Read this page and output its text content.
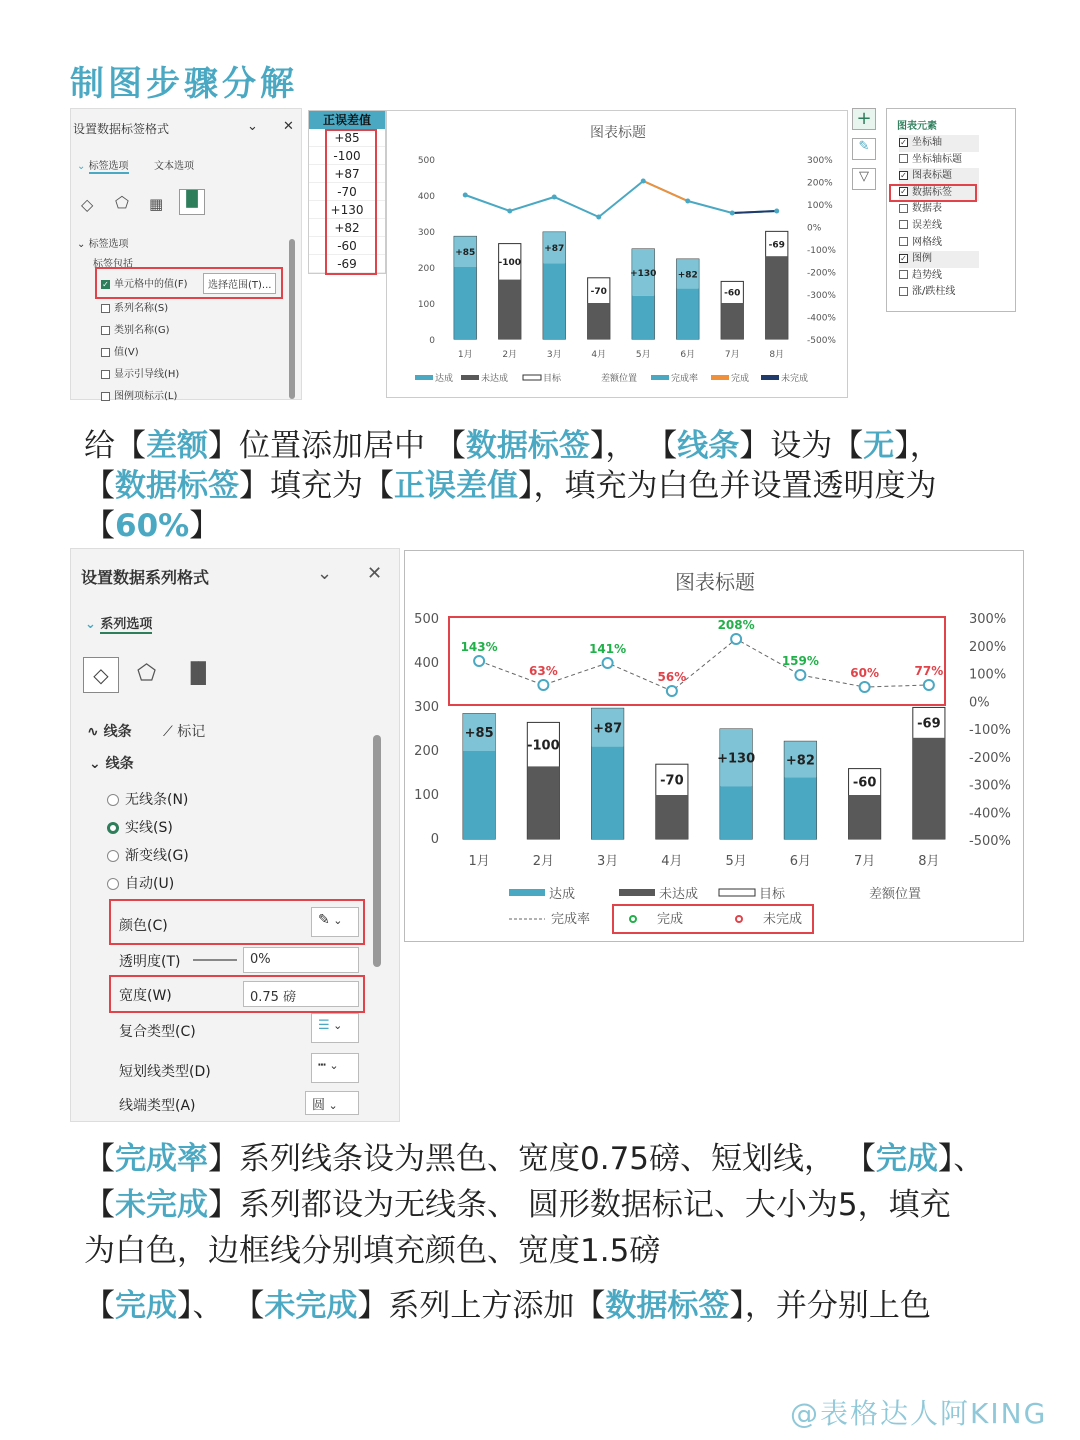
制图步骤分解
设置数据标签格式	⌄ ✕
⌄ 标签选项	文本选项
◇ ⬠ ▦ ▐▌
⌄ 标签选项
标签包括
✓ 单元格中的值(F)	选择范围(T)...
系列名称(S)
类别名称(G)
值(V)
显示引导线(H)
图例项标示(L)
正误差值
+85
-100
+87
-70
+130
+82
-60
-69
图表标题
500
400
300
200
100
0
300%
200%
100%
0%
-100%
-200%
-300%
-400%
-500%
+85
1月
-100
2月
+87
3月
-70
4月
+130
5月
+82
6月
-60
7月
-69
8月
达成	未达成	目标	差额位置	完成率	完成	未完成
+
✎
▽
图表元素
✓ 坐标轴
坐标轴标题
✓ 图表标题
✓ 数据标签
数据表
误差线
网格线
✓ 图例
趋势线
涨/跌柱线
给【差额】位置添加居中 【数据标签】， 【线条】设为【无】，
【数据标签】填充为【正误差值】，填充为白色并设置透明度为
【60%】
设置数据系列格式	⌄ ✕
⌄ 系列选项
◇	⬠ ▐▌
∿ 线条 ⟋ 标记
⌄ 线条
无线条(N)
实线(S)
渐变线(G)
自动(U)
颜色(C)	✎ ⌄
透明度(T)	0%
宽度(W)	0.75 磅
复合类型(C)	☰ ⌄
短划线类型(D)	┅ ⌄
线端类型(A)	圆 ⌄
图表标题
500
400
300
200
100
0
300%
200%
100%
0%
-100%
-200%
-300%
-400%
-500%
+85
1月
-100
2月
+87
3月
-70
4月
+130
5月
+82
6月
-60
7月
-69
8月
143%
63%
141%
56%
208%
159%
60%	77%
达成	未达成	目标	差额位置
完成率	完成	未完成
【完成率】系列线条设为黑色、宽度0.75磅、短划线， 【完成】、
【未完成】系列都设为无线条、 圆形数据标记、大小为5，填充
为白色，边框线分别填充颜色、宽度1.5磅
【完成】、 【未完成】系列上方添加【数据标签】，并分别上色
@表格达人阿KING
